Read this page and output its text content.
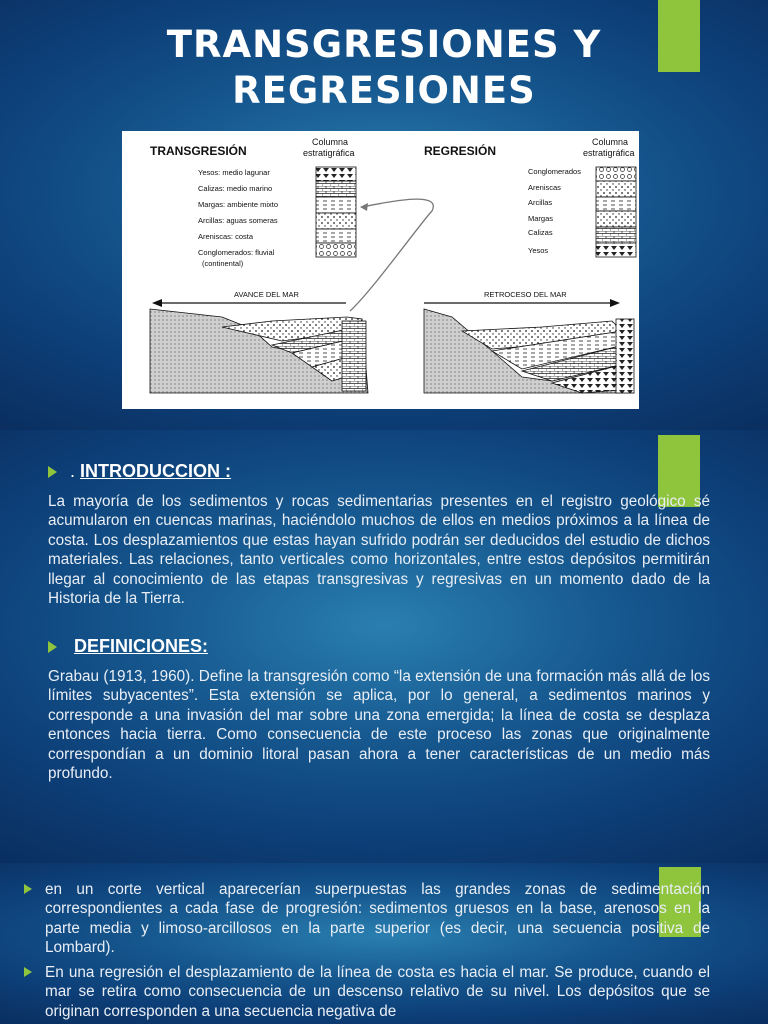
TRANSGRESIONES Y
REGRESIONES
TRANSGRESIÓN
Columna
estratigráfica
Yesos: medio lagunar
Calizas: medio marino
Margas: ambiente mixto
Arcillas: aguas someras
Areniscas: costa
Conglomerados: fluvial
(continental)
AVANCE DEL MAR
REGRESIÓN
Columna
estratigráfica
Conglomerados
Areniscas
Arcillas
Margas
Calizas
Yesos
RETROCESO DEL MAR
. INTRODUCCION :
La mayoría de los sedimentos y rocas sedimentarias presentes en el registro geológico sé acumularon en cuencas marinas, haciéndolo muchos de ellos en medios próximos a la línea de costa. Los desplazamientos que estas hayan sufrido podrán ser deducidos del estudio de dichos materiales. Las relaciones, tanto verticales como horizontales, entre estos depósitos permitirán llegar al conocimiento de las etapas transgresivas y regresivas en un momento dado de la Historia de la Tierra.
DEFINICIONES:
Grabau (1913, 1960). Define la transgresión como “la extensión de una formación más allá de los límites subyacentes”. Esta extensión se aplica, por lo general, a sedimentos marinos y corresponde a una invasión del mar sobre una zona emergida; la línea de costa se desplaza entonces hacia tierra. Como consecuencia de este proceso las zonas que originalmente correspondían a un dominio litoral pasan ahora a tener características de un medio más profundo.
en un corte vertical aparecerían superpuestas las grandes zonas de sedimentación correspondientes a cada fase de progresión: sedimentos gruesos en la base, arenosos en la parte media y limoso-arcillosos en la parte superior (es decir, una secuencia positiva de Lombard).
En una regresión el desplazamiento de la línea de costa es hacia el mar. Se produce, cuando el mar se retira como consecuencia de un descenso relativo de su nivel. Los depósitos que se originan corresponden a una secuencia negativa de
